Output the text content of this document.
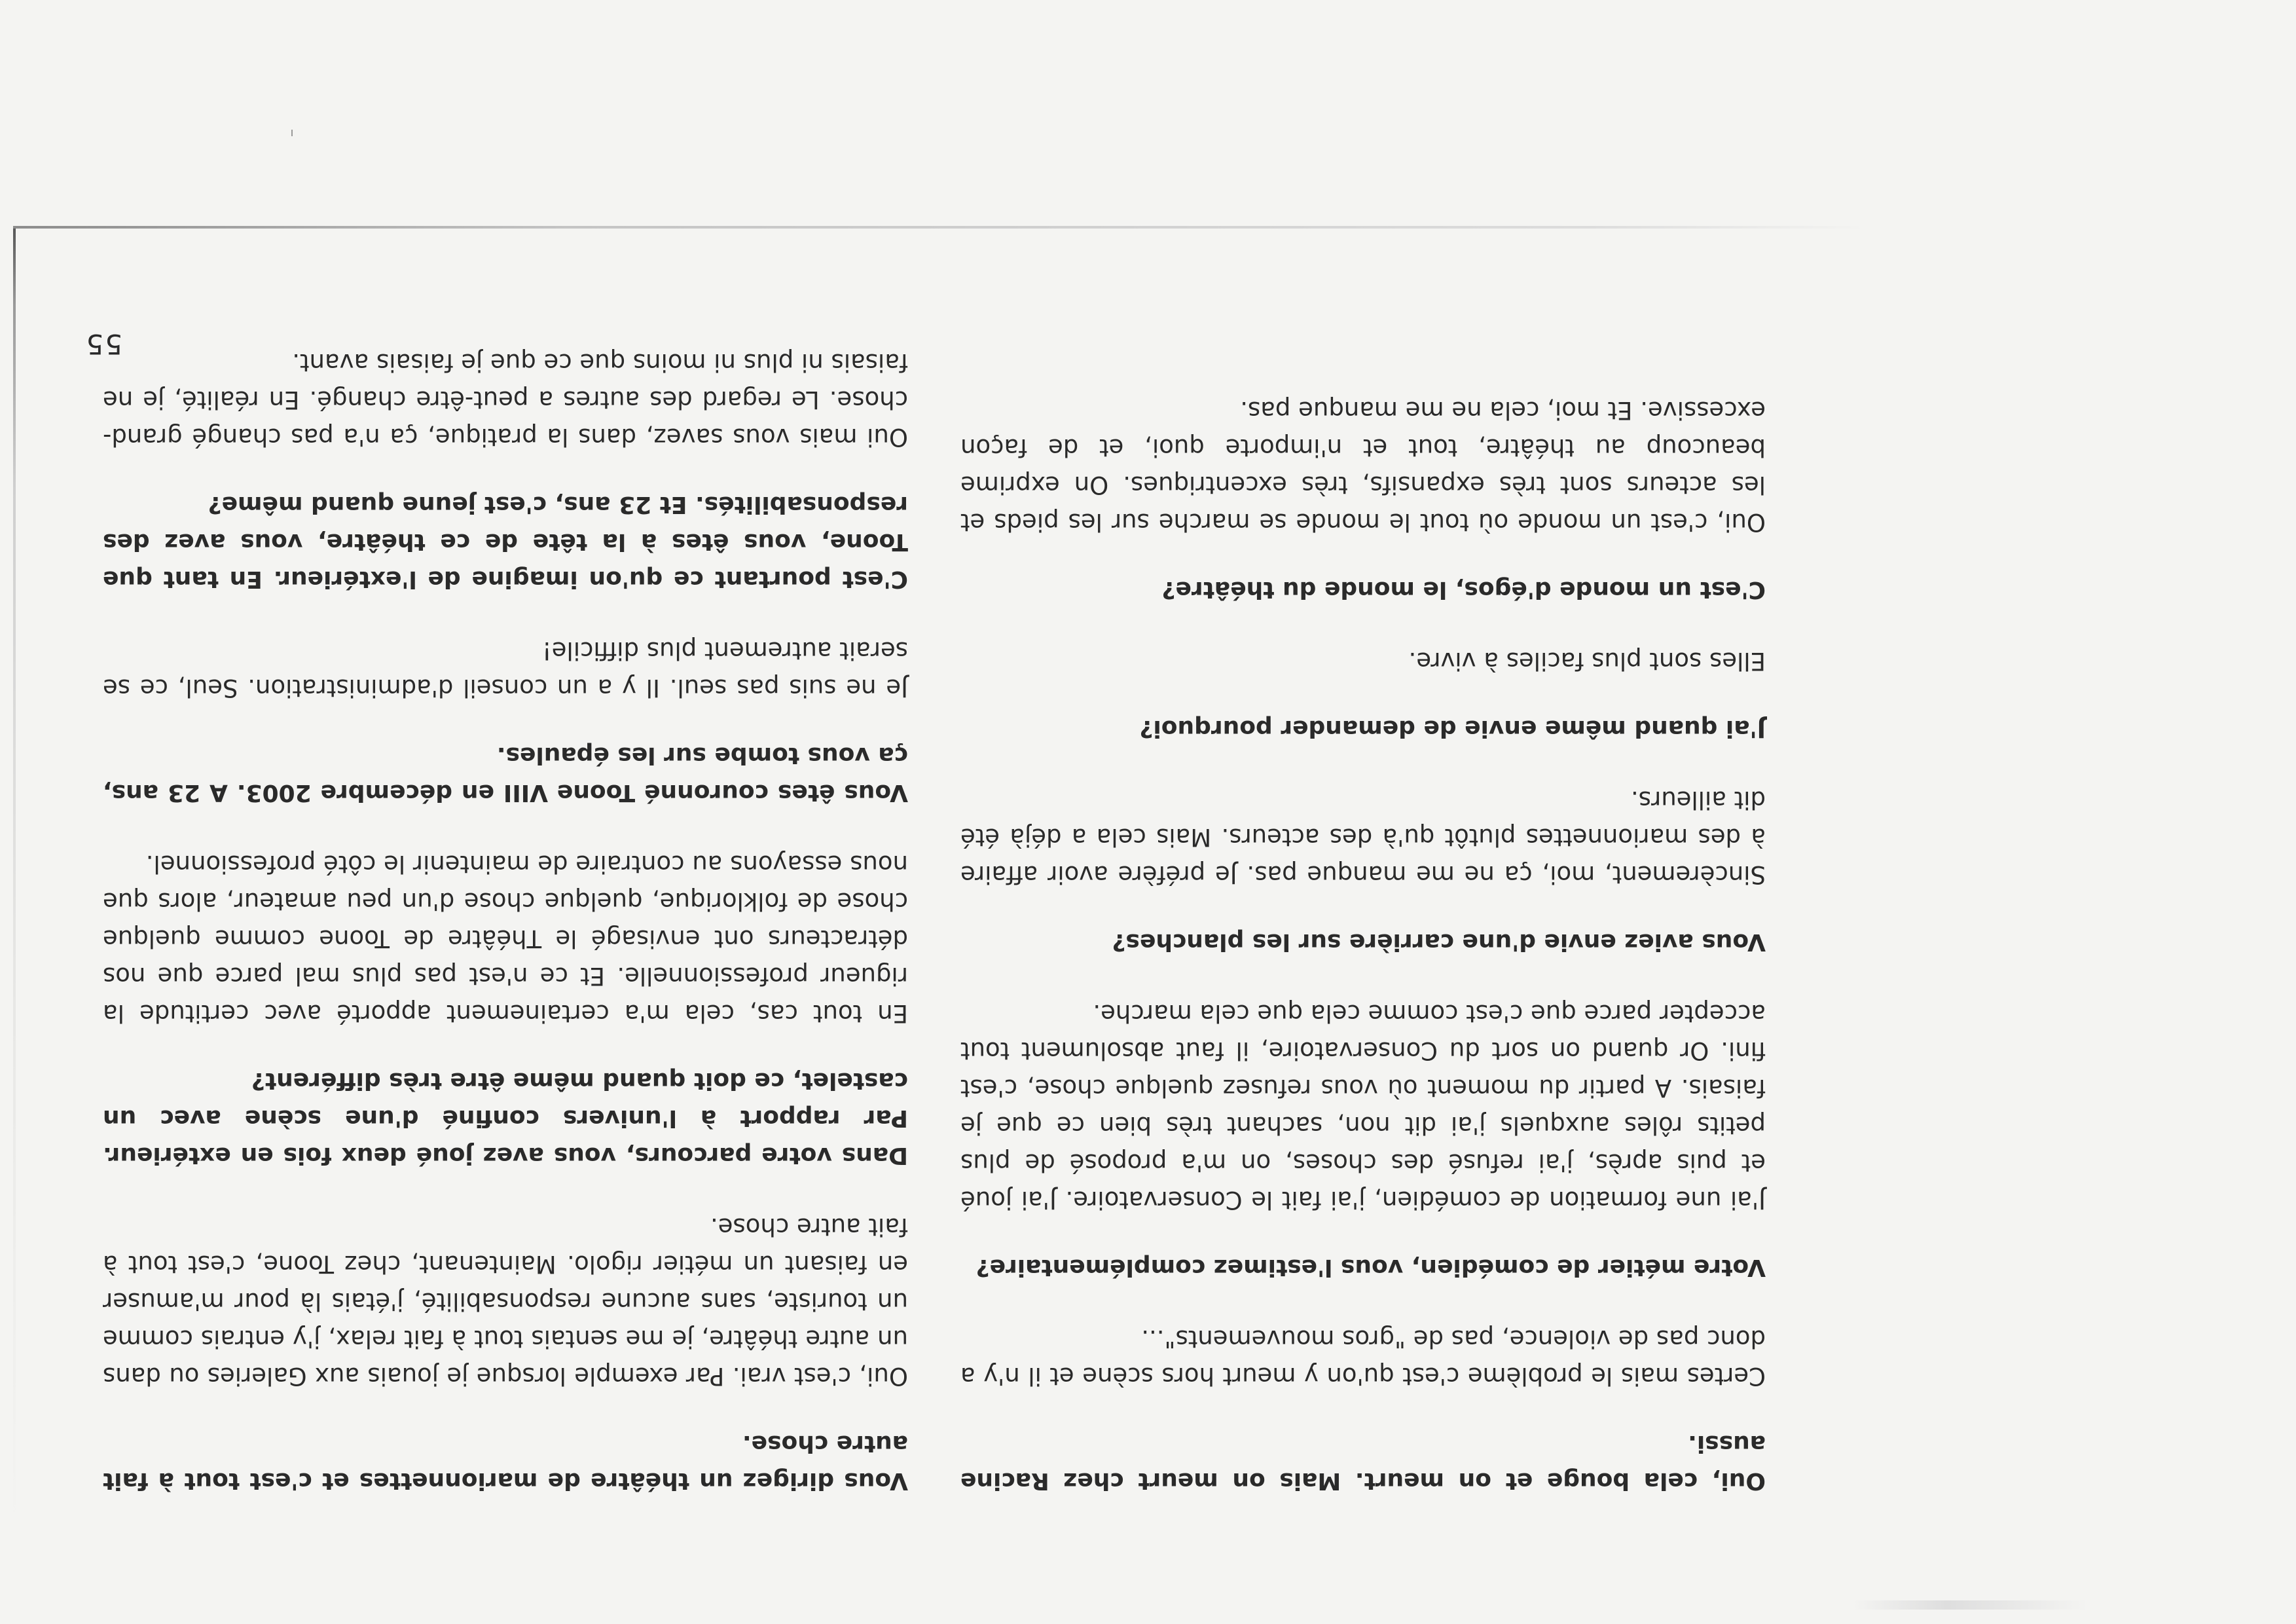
Oui, cela bouge et on meurt. Mais on meurt chez Racine aussi.

Certes mais le problème c'est qu'on y meurt hors scène et il n'y a donc pas de violence, pas de "gros mouvements"...

Votre métier de comédien, vous l'estimez complémentaire?

J'ai une formation de comédien, j'ai fait le Conservatoire. J'ai joué et puis après, j'ai refusé des choses, on m'a proposé de plus petits rôles auxquels j'ai dit non, sachant très bien ce que je faisais. A partir du moment où vous refusez quelque chose, c'est fini. Or quand on sort du Conservatoire, il faut absolument tout accepter parce que c'est comme cela que cela marche.

Vous aviez envie d'une carrière sur les planches?

Sincèrement, moi, ça ne me manque pas. Je préfère avoir affaire à des marionnettes plutôt qu'à des acteurs. Mais cela a déjà été dit ailleurs.

J'ai quand même envie de demander pourquoi?

Elles sont plus faciles à vivre.

C'est un monde d'égos, le monde du théâtre?

Oui, c'est un monde où tout le monde se marche sur les pieds et les acteurs sont très expansifs, très excentriques. On exprime beaucoup au théâtre, tout et n'importe quoi, et de façon excessive. Et moi, cela ne me manque pas.

Vous dirigez un théâtre de marionnettes et c'est tout à fait autre chose.

Oui, c'est vrai. Par exemple lorsque je jouais aux Galeries ou dans un autre théâtre, je me sentais tout à fait relax, j'y entrais comme un touriste, sans aucune responsabilité, j'étais là pour m'amuser en faisant un métier rigolo. Maintenant, chez Toone, c'est tout à fait autre chose.

Dans votre parcours, vous avez joué deux fois en extérieur. Par rapport à l'univers confiné d'une scène avec un castelet, ce doit quand même être très différent?

En tout cas, cela m'a certainement apporté avec certitude la rigueur professionnelle. Et ce n'est pas plus mal parce que nos détracteurs ont envisagé le Théâtre de Toone comme quelque chose de folklorique, quelque chose d'un peu amateur, alors que nous essayons au contraire de maintenir le côté professionnel.

Vous êtes couronné Toone VIII en décembre 2003. A 23 ans, ça vous tombe sur les épaules.

Je ne suis pas seul. Il y a un conseil d'administration. Seul, ce se serait autrement plus difficile!

C'est pourtant ce qu'on imagine de l'extérieur. En tant que Toone, vous êtes à la tête de ce théâtre, vous avez des responsabilités. Et 23 ans, c'est jeune quand même?

Oui mais vous savez, dans la pratique, ça n'a pas changé grand-chose. Le regard des autres a peut-être changé. En réalité, je ne faisais ni plus ni moins que ce que je faisais avant.

55
